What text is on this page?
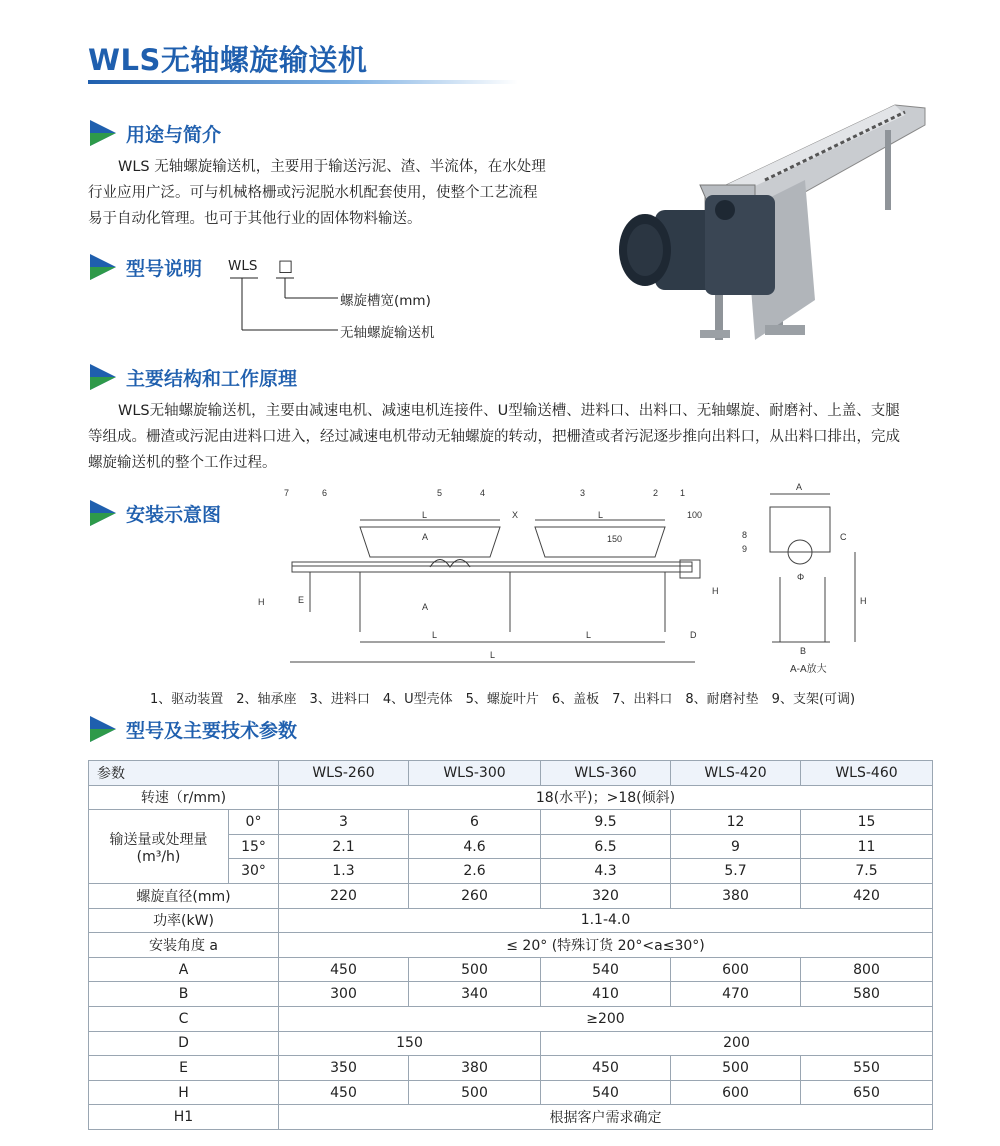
WLS无轴螺旋输送机
用途与简介
WLS 无轴螺旋输送机，主要用于输送污泥、渣、半流体，在水处理
行业应用广泛。可与机械格栅或污泥脱水机配套使用，使整个工艺流程
易于自动化管理。也可于其他行业的固体物料输送。
型号说明 WLS □
螺旋槽宽(mm)
无轴螺旋输送机
主要结构和工作原理
WLS无轴螺旋输送机，主要由减速电机、减速电机连接件、U型输送槽、进料口、出料口、无轴螺旋、耐磨衬、上盖、支腿
等组成。栅渣或污泥由进料口进入，经过减速电机带动无轴螺旋的转动，把栅渣或者污泥逐步推向出料口，从出料口排出，完成
螺旋输送机的整个工作过程。
安装示意图
7	6	5	4	3	2 1
8
9
L	X	L	100
150
A
A
L	L	D
L
H	E
H
A
C
Φ
B
H
A-A放大
1、驱动装置　2、轴承座　3、进料口　4、U型壳体　5、螺旋叶片　6、盖板　7、出料口　8、耐磨衬垫　9、支架(可调)
型号及主要技术参数
参数		WLS-260	WLS-300	WLS-360	WLS-420	WLS-460
转速（r/mm)		18(水平)；>18(倾斜)				

输送量或处理量
(m³/h)	0°	3	6	9.5	12	15
	15°	2.1	4.6	6.5	9	11
	30°	1.3	2.6	4.3	5.7	7.5
螺旋直径(mm)		220	260	320	380	420
功率(kW)		1.1-4.0				
安装角度 a		≤ 20° (特殊订货 20°<a≤30°)				
A		450	500	540	600	800
B		300	340	410	470	580
C		≥200				
D		150		200		
E		350	380	450	500	550
H		450	500	540	600	650
H1		根据客户需求确定				
